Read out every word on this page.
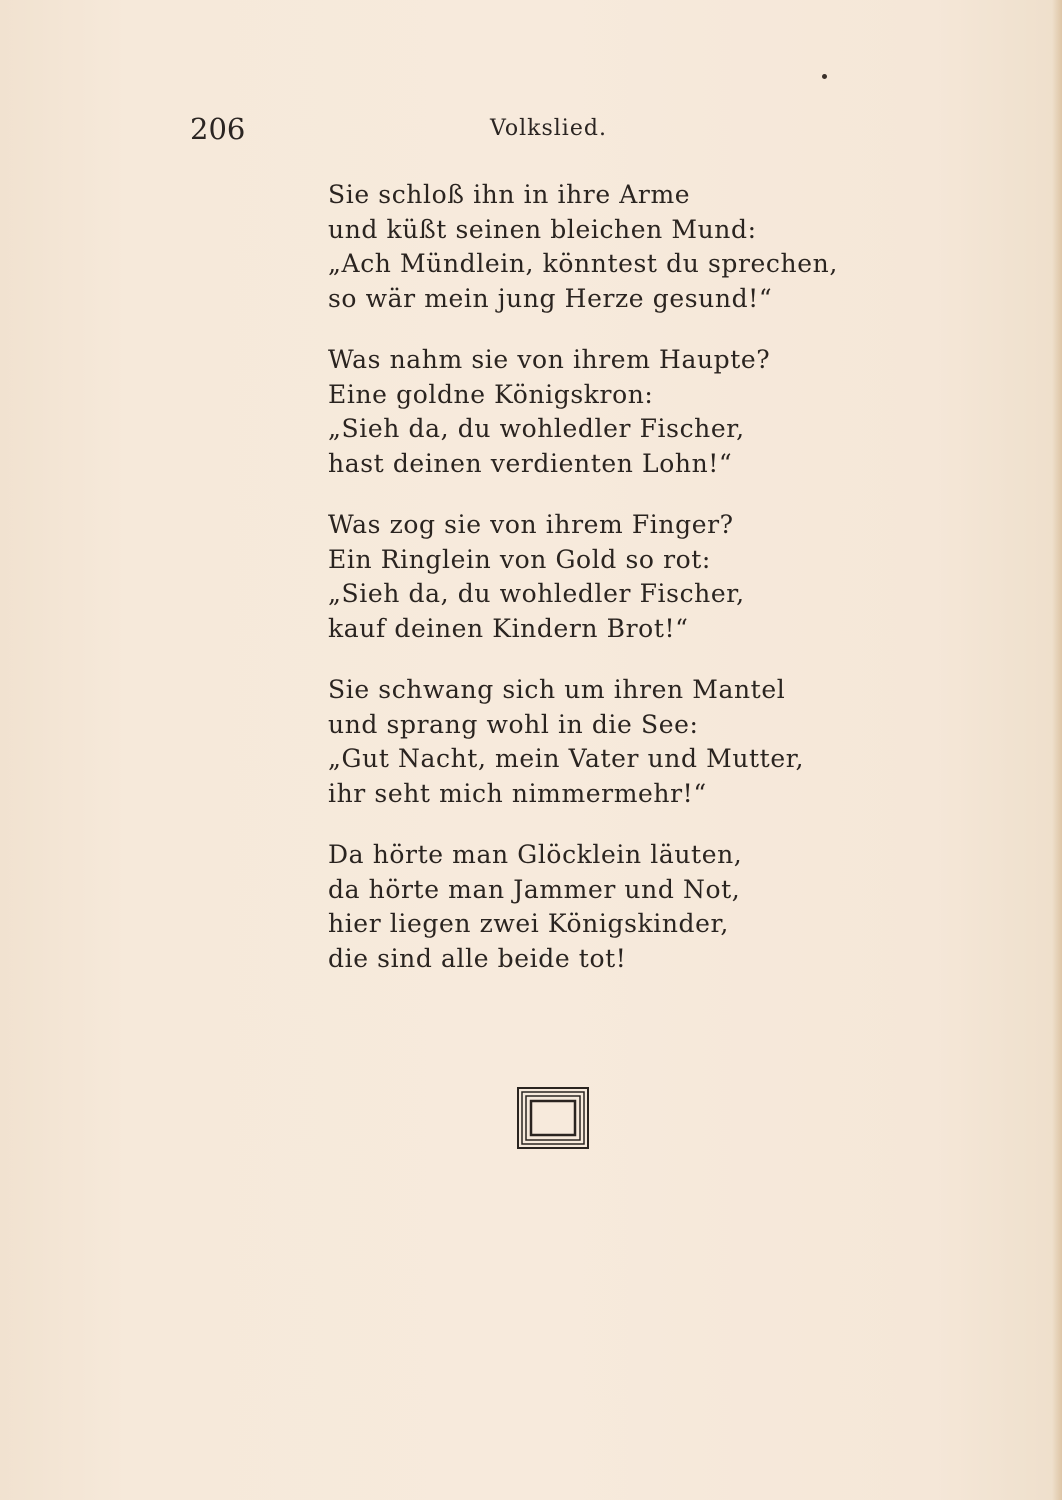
206	Volkslied.
Sie schloß ihn in ihre Arme
und küßt seinen bleichen Mund:
„Ach Mündlein, könntest du sprechen,
so wär mein jung Herze gesund!“
Was nahm sie von ihrem Haupte?
Eine goldne Königskron:
„Sieh da, du wohledler Fischer,
hast deinen verdienten Lohn!“
Was zog sie von ihrem Finger?
Ein Ringlein von Gold so rot:
„Sieh da, du wohledler Fischer,
kauf deinen Kindern Brot!“
Sie schwang sich um ihren Mantel
und sprang wohl in die See:
„Gut Nacht, mein Vater und Mutter,
ihr seht mich nimmermehr!“
Da hörte man Glöcklein läuten,
da hörte man Jammer und Not,
hier liegen zwei Königskinder,
die sind alle beide tot!
